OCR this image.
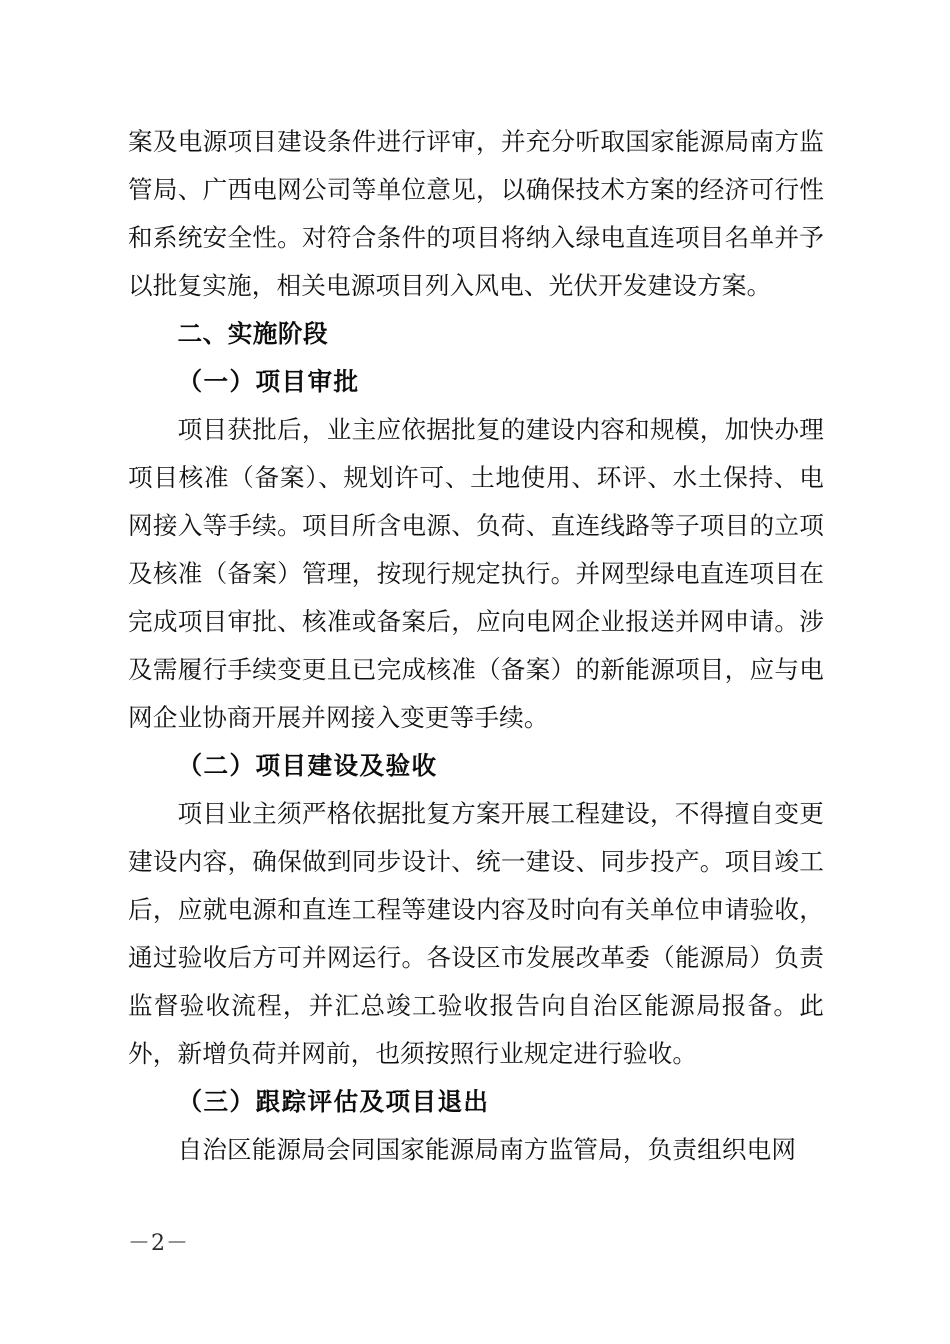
案及电源项目建设条件进行评审，并充分听取国家能源局南方监管局、广西电网公司等单位意见，以确保技术方案的经济可行性和系统安全性。对符合条件的项目将纳入绿电直连项目名单并予以批复实施，相关电源项目列入风电、光伏开发建设方案。

二、实施阶段
（一）项目审批

项目获批后，业主应依据批复的建设内容和规模，加快办理项目核准（备案）、规划许可、土地使用、环评、水土保持、电网接入等手续。项目所含电源、负荷、直连线路等子项目的立项及核准（备案）管理，按现行规定执行。并网型绿电直连项目在完成项目审批、核准或备案后，应向电网企业报送并网申请。涉及需履行手续变更且已完成核准（备案）的新能源项目，应与电网企业协商开展并网接入变更等手续。

（二）项目建设及验收

项目业主须严格依据批复方案开展工程建设，不得擅自变更建设内容，确保做到同步设计、统一建设、同步投产。项目竣工后，应就电源和直连工程等建设内容及时向有关单位申请验收，通过验收后方可并网运行。各设区市发展改革委（能源局）负责监督验收流程，并汇总竣工验收报告向自治区能源局报备。此外，新增负荷并网前，也须按照行业规定进行验收。

（三）跟踪评估及项目退出

自治区能源局会同国家能源局南方监管局，负责组织电网

－2－
